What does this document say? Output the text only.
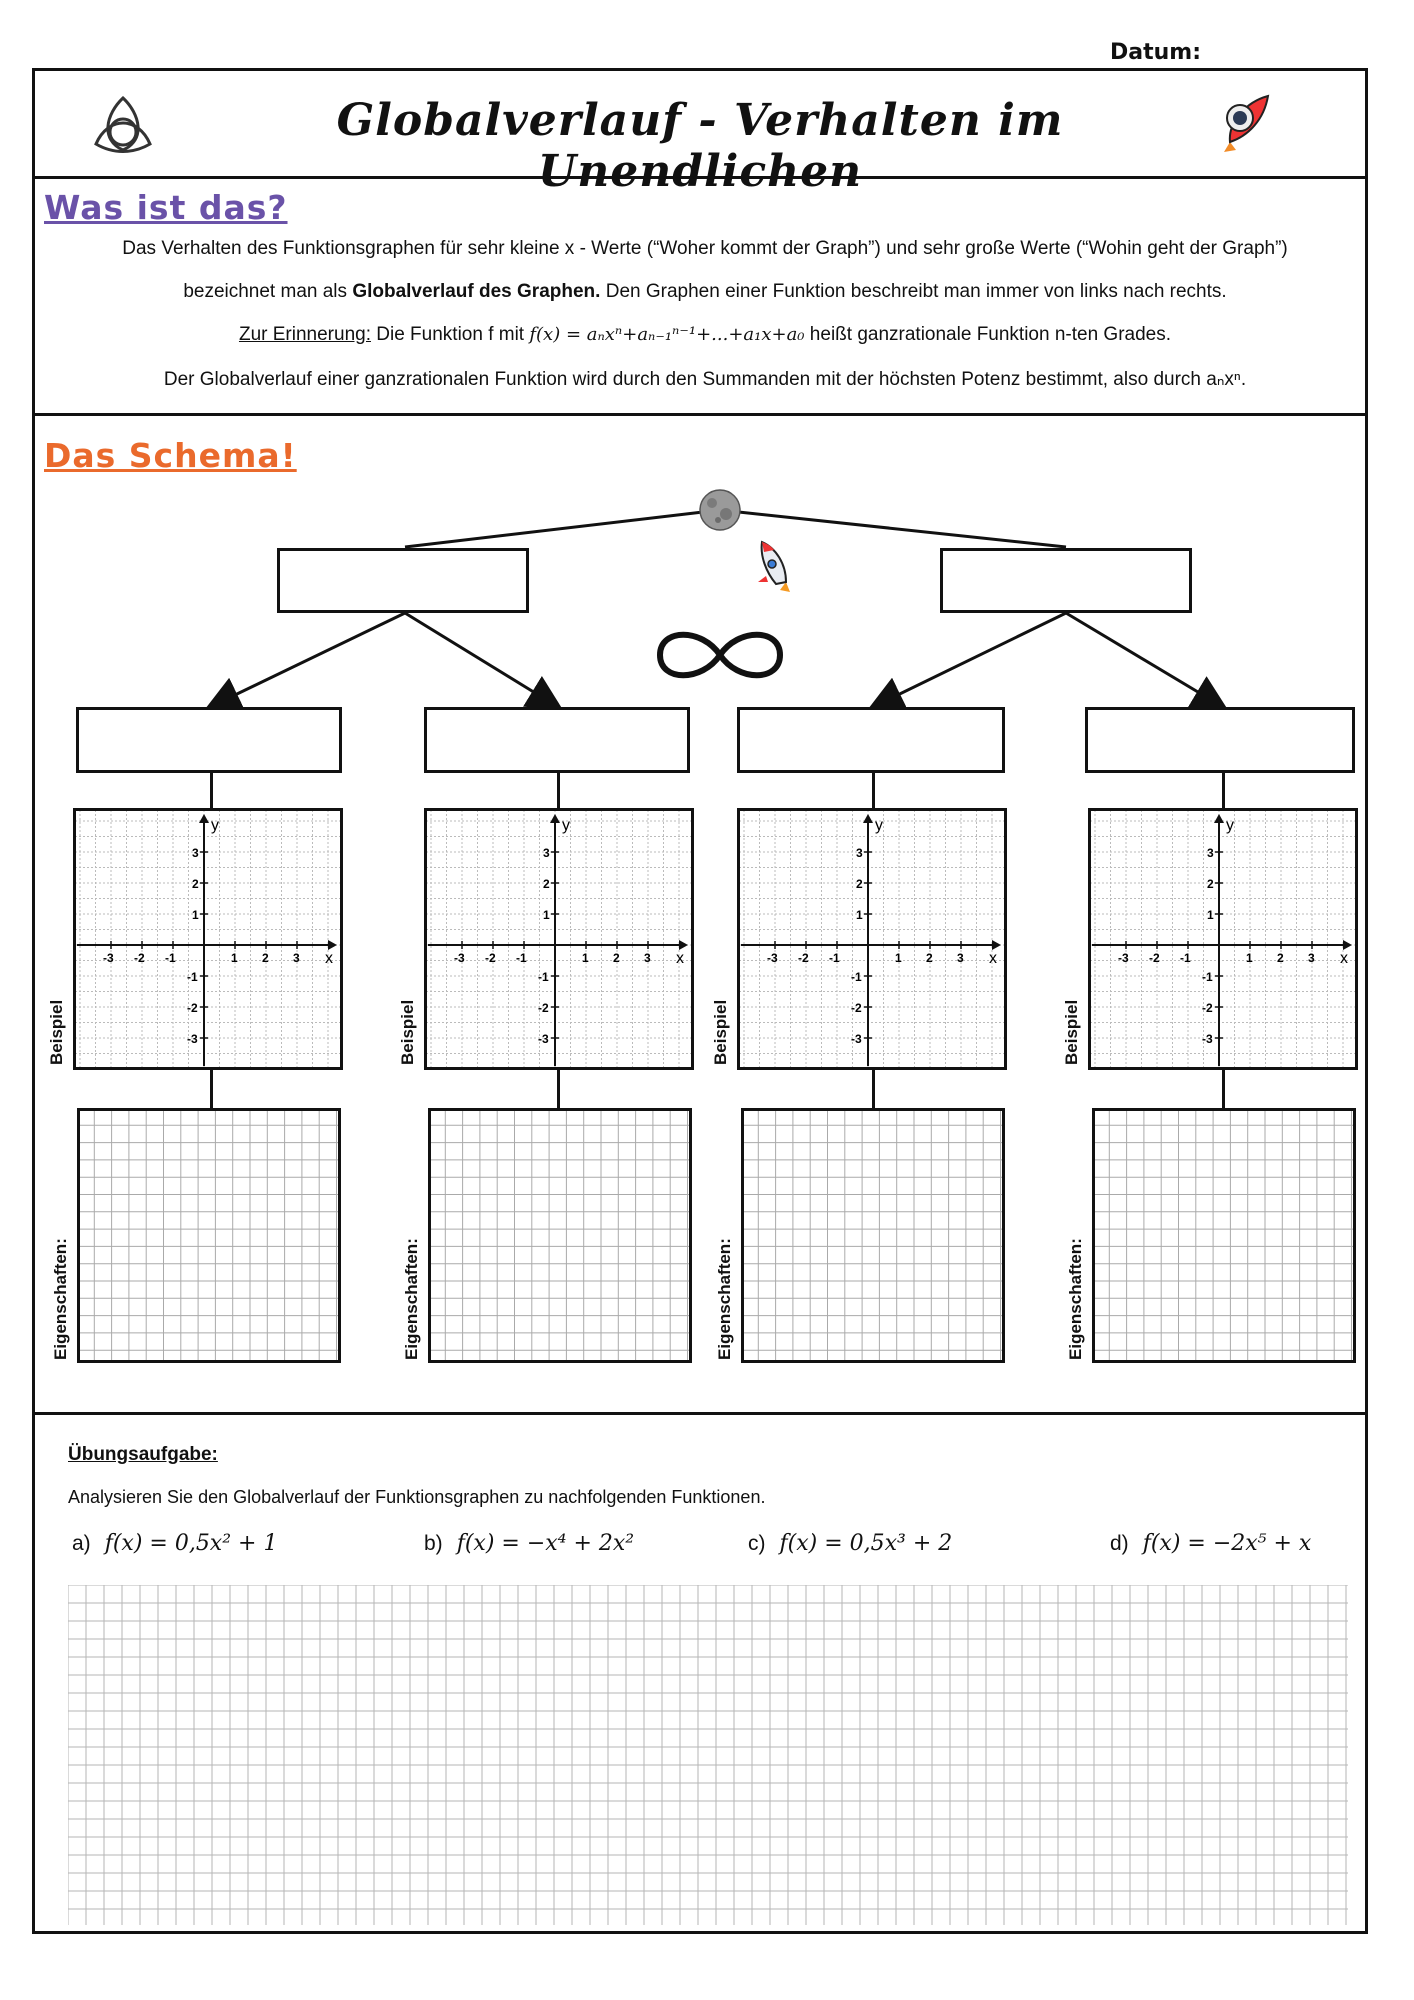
Datum:
Globalverlauf - Verhalten im Unendlichen
Was ist das?
Das Verhalten des Funktionsgraphen für sehr kleine x - Werte (“Woher kommt der Graph”) und sehr große Werte (“Wohin geht der Graph”)
bezeichnet man als Globalverlauf des Graphen. Den Graphen einer Funktion beschreibt man immer von links nach rechts.
Zur Erinnerung: Die Funktion f mit f(x) = aₙxⁿ+aₙ₋₁ⁿ⁻¹+...+a₁x+a₀ heißt ganzrationale Funktion n-ten Grades.
Der Globalverlauf einer ganzrationalen Funktion wird durch den Summanden mit der höchsten Potenz bestimmt, also durch aₙxⁿ.
Das Schema!
x
y
-3 -2 -1	1 2 3
3
2
1
-1
-2
-3
Beispiel
Eigenschaften:
x
y
-3 -2 -1	1 2 3
3
2
1
-1
-2
-3
Beispiel
Eigenschaften:
x
y
-3 -2 -1	1 2 3
3
2
1
-1
-2
-3
Beispiel
Eigenschaften:
x
y
-3 -2 -1	1 2 3
3
2
1
-1
-2
-3
Beispiel
Eigenschaften:
Übungsaufgabe:
Analysieren Sie den Globalverlauf der Funktionsgraphen zu nachfolgenden Funktionen.
a) f(x) = 0,5x² + 1	b) f(x) = −x⁴ + 2x²	c) f(x) = 0,5x³ + 2	d) f(x) = −2x⁵ + x
